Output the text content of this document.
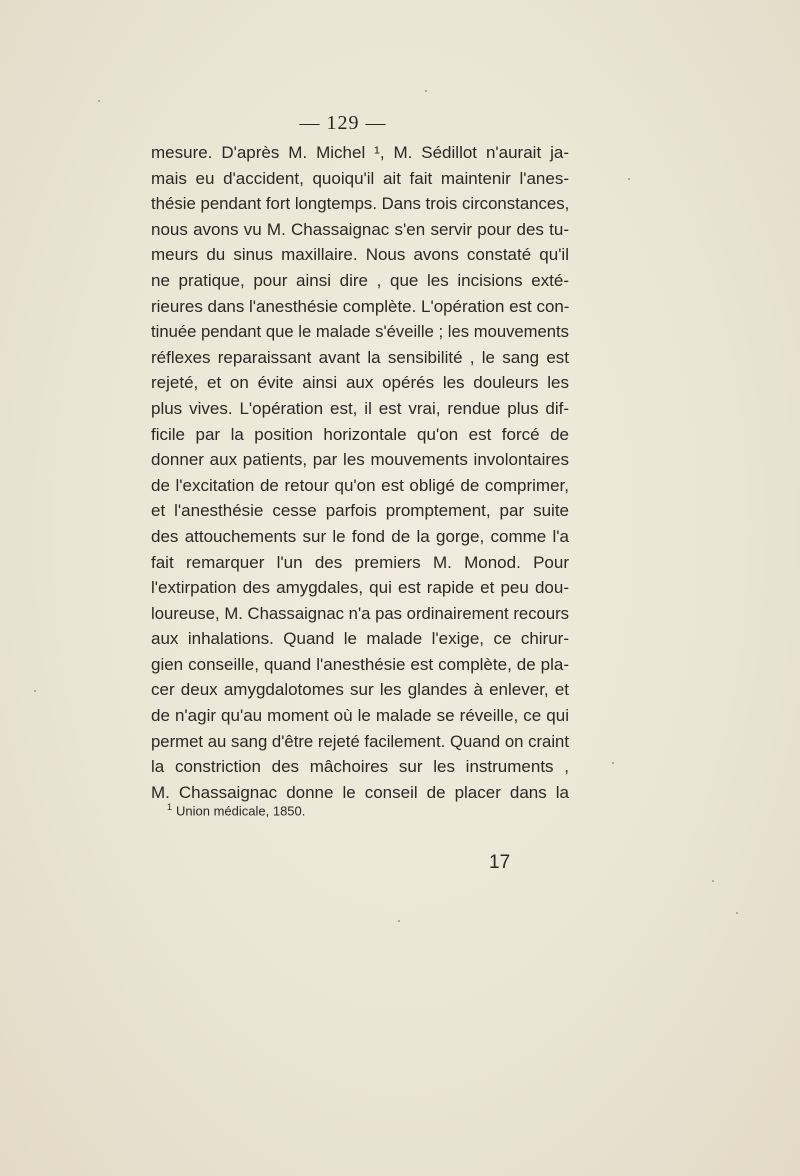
— 129 —
mesure. D'après M. Michel ¹, M. Sédillot n'aurait ja-
mais eu d'accident, quoiqu'il ait fait maintenir l'anes-
thésie pendant fort longtemps. Dans trois circonstances,
nous avons vu M. Chassaignac s'en servir pour des tu-
meurs du sinus maxillaire. Nous avons constaté qu'il
ne pratique, pour ainsi dire , que les incisions exté-
rieures dans l'anesthésie complète. L'opération est con-
tinuée pendant que le malade s'éveille ; les mouvements
réflexes reparaissant avant la sensibilité , le sang est
rejeté, et on évite ainsi aux opérés les douleurs les
plus vives. L'opération est, il est vrai, rendue plus dif-
ficile par la position horizontale qu'on est forcé de
donner aux patients, par les mouvements involontaires
de l'excitation de retour qu'on est obligé de comprimer,
et l'anesthésie cesse parfois promptement, par suite
des attouchements sur le fond de la gorge, comme l'a
fait remarquer l'un des premiers M. Monod. Pour
l'extirpation des amygdales, qui est rapide et peu dou-
loureuse, M. Chassaignac n'a pas ordinairement recours
aux inhalations. Quand le malade l'exige, ce chirur-
gien conseille, quand l'anesthésie est complète, de pla-
cer deux amygdalotomes sur les glandes à enlever, et
de n'agir qu'au moment où le malade se réveille, ce qui
permet au sang d'être rejeté facilement. Quand on craint
la constriction des mâchoires sur les instruments ,
M. Chassaignac donne le conseil de placer dans la
$^1$ Union médicale, 1850.
17
